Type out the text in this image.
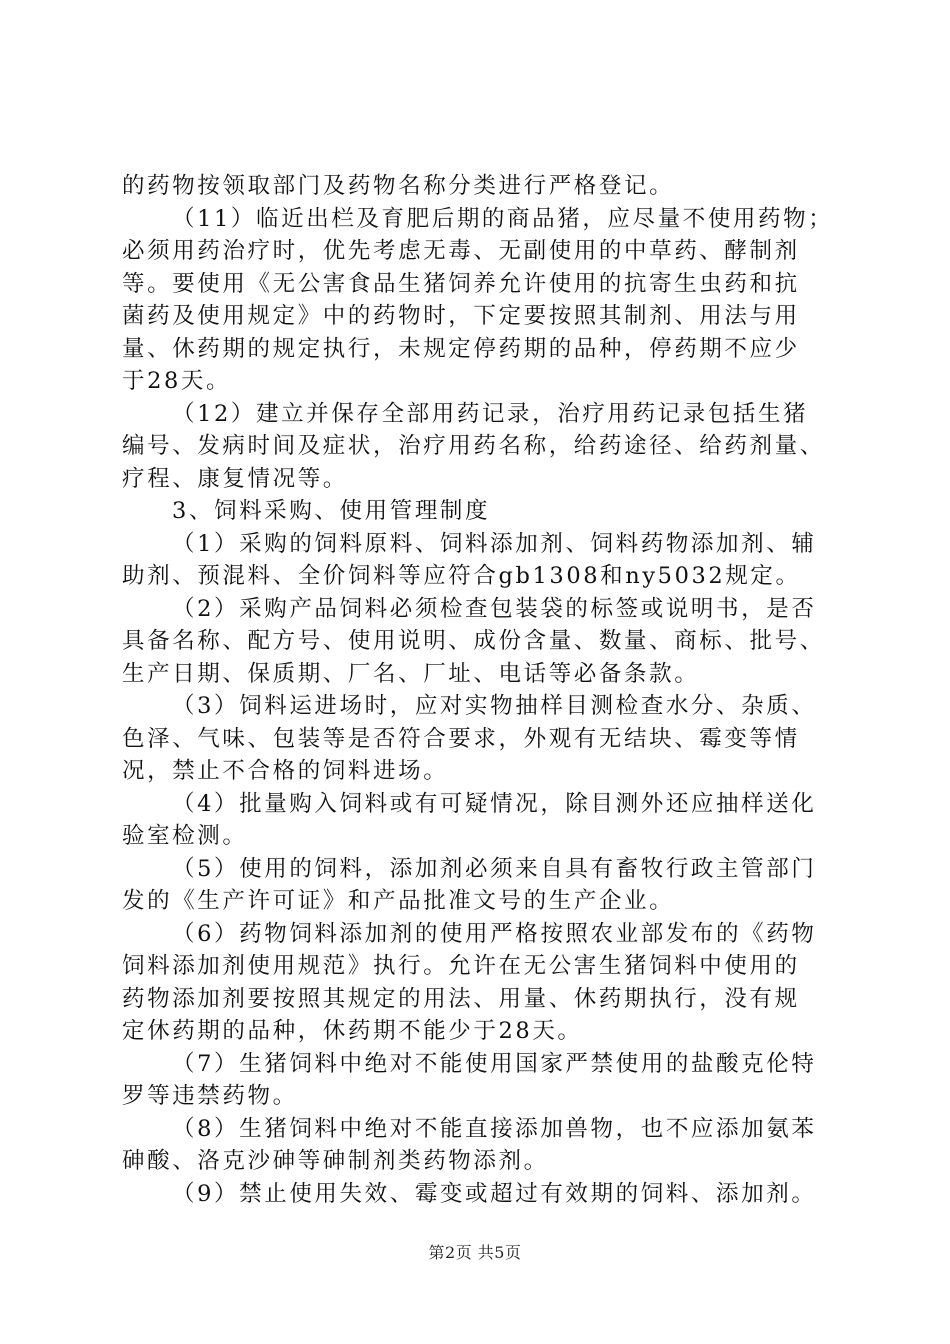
的药物按领取部门及药物名称分类进行严格登记。
（11）临近出栏及育肥后期的商品猪，应尽量不使用药物；
必须用药治疗时，优先考虑无毒、无副使用的中草药、酵制剂
等。要使用《无公害食品生猪饲养允许使用的抗寄生虫药和抗
菌药及使用规定》中的药物时，下定要按照其制剂、用法与用
量、休药期的规定执行，未规定停药期的品种，停药期不应少
于28天。
（12）建立并保存全部用药记录，治疗用药记录包括生猪
编号、发病时间及症状，治疗用药名称，给药途径、给药剂量、
疗程、康复情况等。
3、饲料采购、使用管理制度
（1）采购的饲料原料、饲料添加剂、饲料药物添加剂、辅
助剂、预混料、全价饲料等应符合gb1308和ny5032规定。
（2）采购产品饲料必须检查包装袋的标签或说明书，是否
具备名称、配方号、使用说明、成份含量、数量、商标、批号、
生产日期、保质期、厂名、厂址、电话等必备条款。
（3）饲料运进场时，应对实物抽样目测检查水分、杂质、
色泽、气味、包装等是否符合要求，外观有无结块、霉变等情
况，禁止不合格的饲料进场。
（4）批量购入饲料或有可疑情况，除目测外还应抽样送化
验室检测。
（5）使用的饲料，添加剂必须来自具有畜牧行政主管部门
发的《生产许可证》和产品批准文号的生产企业。
（6）药物饲料添加剂的使用严格按照农业部发布的《药物
饲料添加剂使用规范》执行。允许在无公害生猪饲料中使用的
药物添加剂要按照其规定的用法、用量、休药期执行，没有规
定休药期的品种，休药期不能少于28天。
（7）生猪饲料中绝对不能使用国家严禁使用的盐酸克伦特
罗等违禁药物。
（8）生猪饲料中绝对不能直接添加兽物，也不应添加氨苯
砷酸、洛克沙砷等砷制剂类药物添剂。
（9）禁止使用失效、霉变或超过有效期的饲料、添加剂。
第2页 共5页
